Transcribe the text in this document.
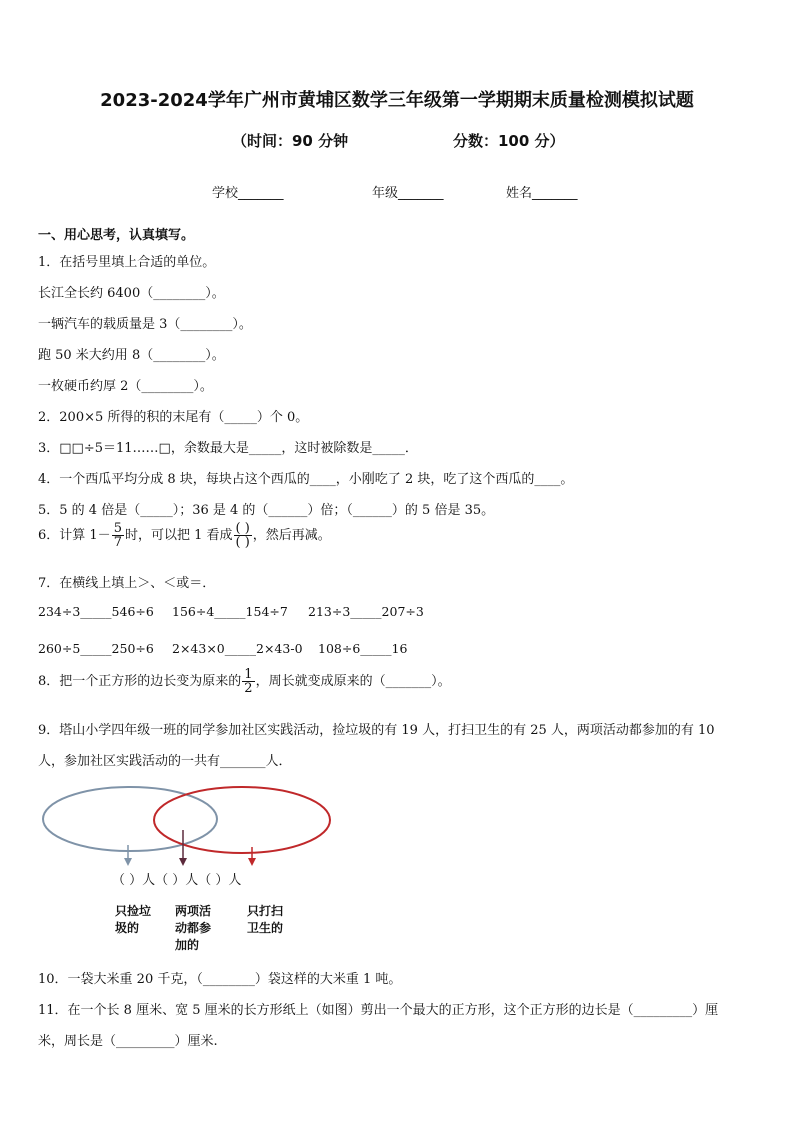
2023-2024学年广州市黄埔区数学三年级第一学期期末质量检测模拟试题
（时间：90 分钟	分数：100 分）
学校_______	年级_______	姓名_______
一、用心思考，认真填写。
1．在括号里填上合适的单位。
长江全长约 6400（________）。
一辆汽车的载质量是 3（________）。
跑 50 米大约用 8（________）。
一枚硬币约厚 2（________）。
2．200×5 所得的积的末尾有（_____）个 0。
3．□□÷5＝11……□，余数最大是_____，这时被除数是_____．
4．一个西瓜平均分成 8 块，每块占这个西瓜的____，小刚吃了 2 块，吃了这个西瓜的____。
5．5 的 4 倍是（_____）；36 是 4 的（______）倍；（______）的 5 倍是 35。
6．计算 $1- \frac{5}{7}$ 时，可以把 1 看成 $\frac{( )}{( )}$ ，然后再减。
7．在横线上填上＞、＜或＝．
234÷3_____546÷6 156÷4_____154÷7 213÷3_____207÷3
260÷5_____250÷6 2×43×0_____2×43-0 108÷6_____16
8．把一个正方形的边长变为原来的 $\frac{1}{2}$ ，周长就变成原来的（_______）。
9．塔山小学四年级一班的同学参加社区实践活动，捡垃圾的有 19 人，打扫卫生的有 25 人，两项活动都参加的有 10
人，参加社区实践活动的一共有_______人．
（ ）人（ ）人（ ）人
只捡垃圾的
两项活动都参加的
只打扫卫生的
10．一袋大米重 20 千克，（________）袋这样的大米重 1 吨。
11．在一个长 8 厘米、宽 5 厘米的长方形纸上（如图）剪出一个最大的正方形，这个正方形的边长是（_________）厘
米，周长是（_________）厘米.
